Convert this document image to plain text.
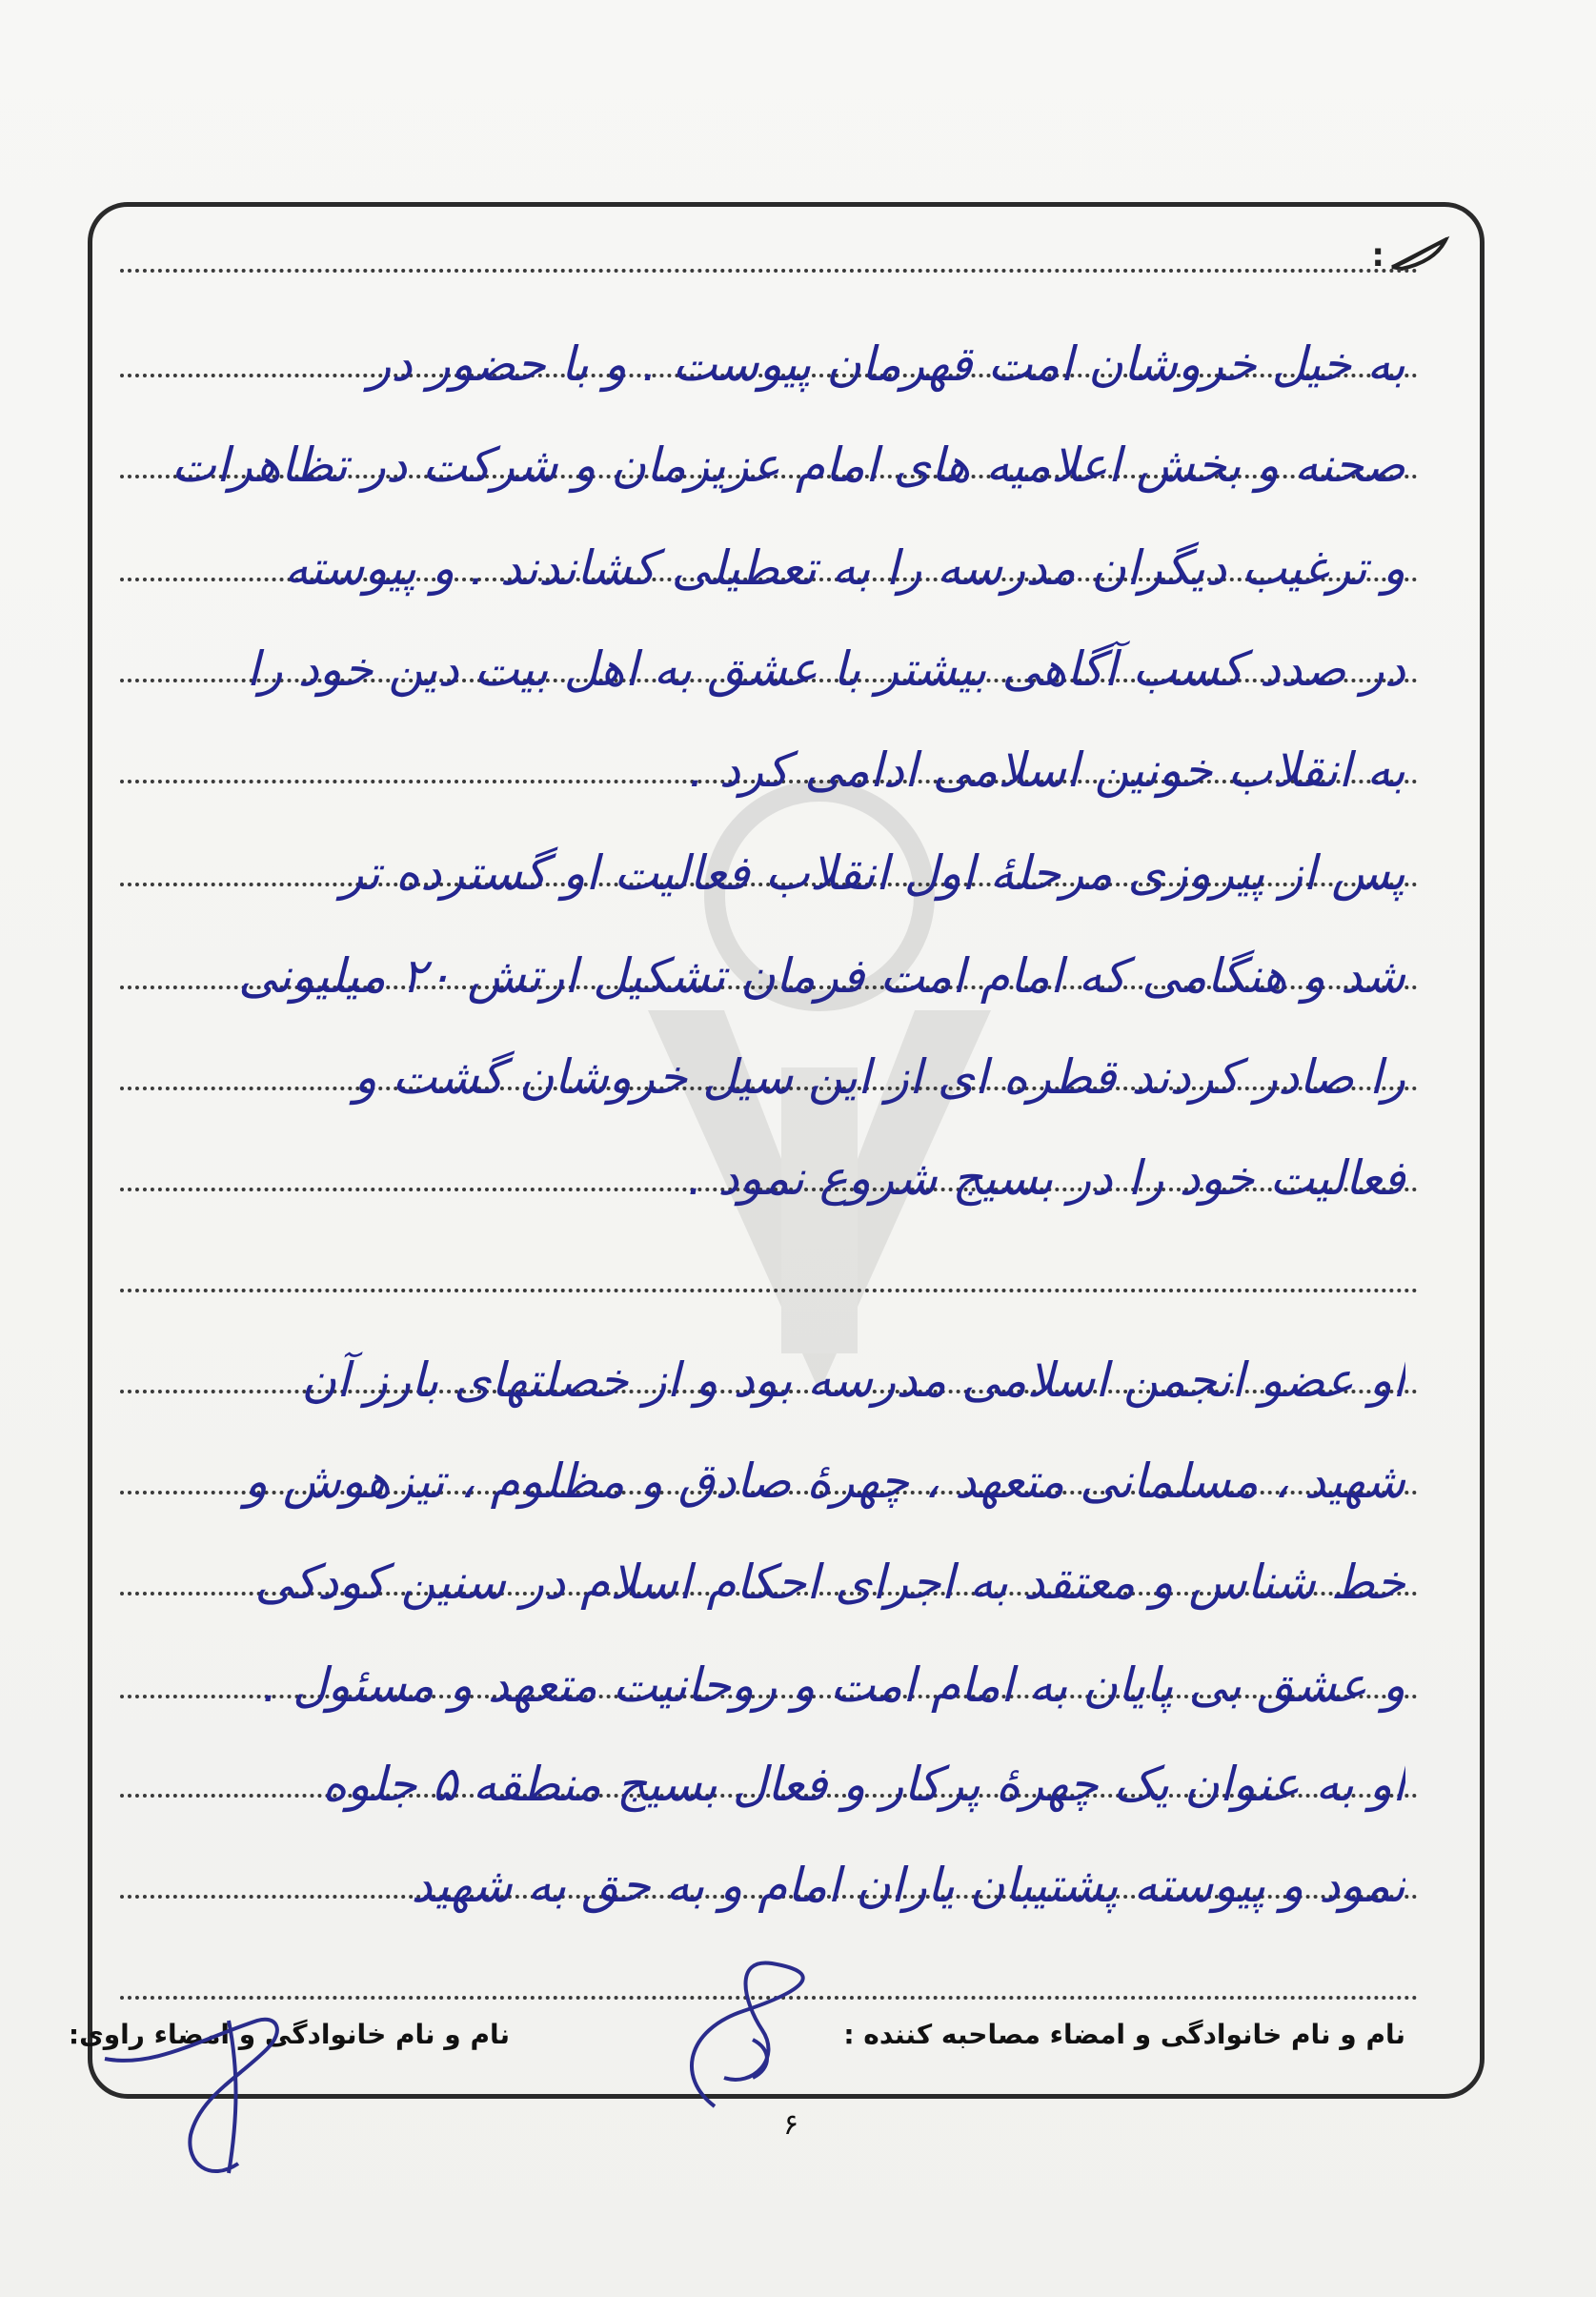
:
به خیل خروشان امت قهرمان پیوست . و با حضور در
صحنه و بخش اعلامیه های امام عزیزمان و شرکت در تظاهرات
و ترغیب دیگران مدرسه را به تعطیلی کشاندند . و پیوسته
در صدد کسب آگاهی بیشتر با عشق به اهل بیت دین خود را
به انقلاب خونین اسلامی ادامی کرد .
پس از پیروزی مرحلهٔ اول انقلاب فعالیت او گسترده تر
شد و هنگامی که امام امت فرمان تشکیل ارتش ۲۰ میلیونی
را صادر کردند قطره ای از این سیل خروشان گشت و
فعالیت خود را در بسیج شروع نمود .
او عضو انجمن اسلامی مدرسه بود و از خصلتهای بارز آن
شهید ، مسلمانی متعهد ، چهرهٔ صادق و مظلوم ، تیزهوش و
خط شناس و معتقد به اجرای احکام اسلام در سنین کودکی
و عشق بی پایان به امام امت و روحانیت متعهد و مسئول .
او به عنوان یک چهرهٔ پرکار و فعال بسیج منطقه ۵ جلوه
نمود و پیوسته پشتیبان یاران امام و به حق به شهید
نام و نام خانوادگی و امضاء مصاحبه کننده :
نام و نام خانوادگی و امضاء راوی:
۶
